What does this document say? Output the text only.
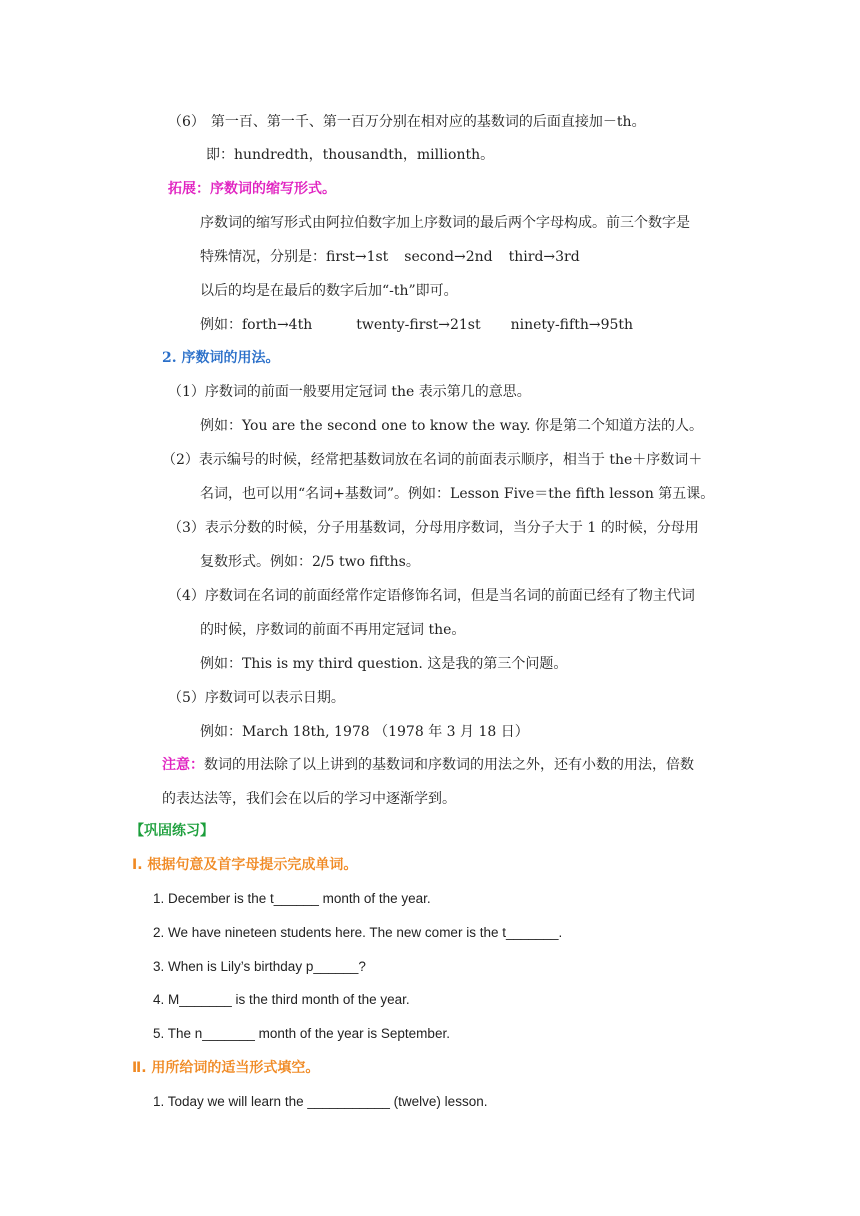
（6） 第一百、第一千、第一百万分别在相对应的基数词的后面直接加－th。
即：hundredth，thousandth，millionth。
拓展：序数词的缩写形式。
序数词的缩写形式由阿拉伯数字加上序数词的最后两个字母构成。前三个数字是
特殊情况，分别是：first→1st second→2nd third→3rd
以后的均是在最后的数字后加“-th”即可。
例如：forth→4th	twenty-first→21st ninety-fifth→95th
2. 序数词的用法。
（1）序数词的前面一般要用定冠词 the 表示第几的意思。
例如：You are the second one to know the way. 你是第二个知道方法的人。
（2）表示编号的时候，经常把基数词放在名词的前面表示顺序，相当于 the＋序数词＋
名词，也可以用“名词+基数词”。例如：Lesson Five＝the fifth lesson 第五课。
（3）表示分数的时候，分子用基数词，分母用序数词，当分子大于 1 的时候，分母用
复数形式。例如：2/5 two fifths。
（4）序数词在名词的前面经常作定语修饰名词，但是当名词的前面已经有了物主代词
的时候，序数词的前面不再用定冠词 the。
例如：This is my third question. 这是我的第三个问题。
（5）序数词可以表示日期。
例如：March 18th, 1978 （1978 年 3 月 18 日）
注意：数词的用法除了以上讲到的基数词和序数词的用法之外，还有小数的用法，倍数
的表达法等，我们会在以后的学习中逐渐学到。
【巩固练习】
Ⅰ. 根据句意及首字母提示完成单词。
1. December is the t______ month of the year.
2. We have nineteen students here. The new comer is the t_______.
3. When is Lily’s birthday p______?
4. M_______ is the third month of the year.
5. The n_______ month of the year is September.
Ⅱ. 用所给词的适当形式填空。
1. Today we will learn the ___________ (twelve) lesson.
